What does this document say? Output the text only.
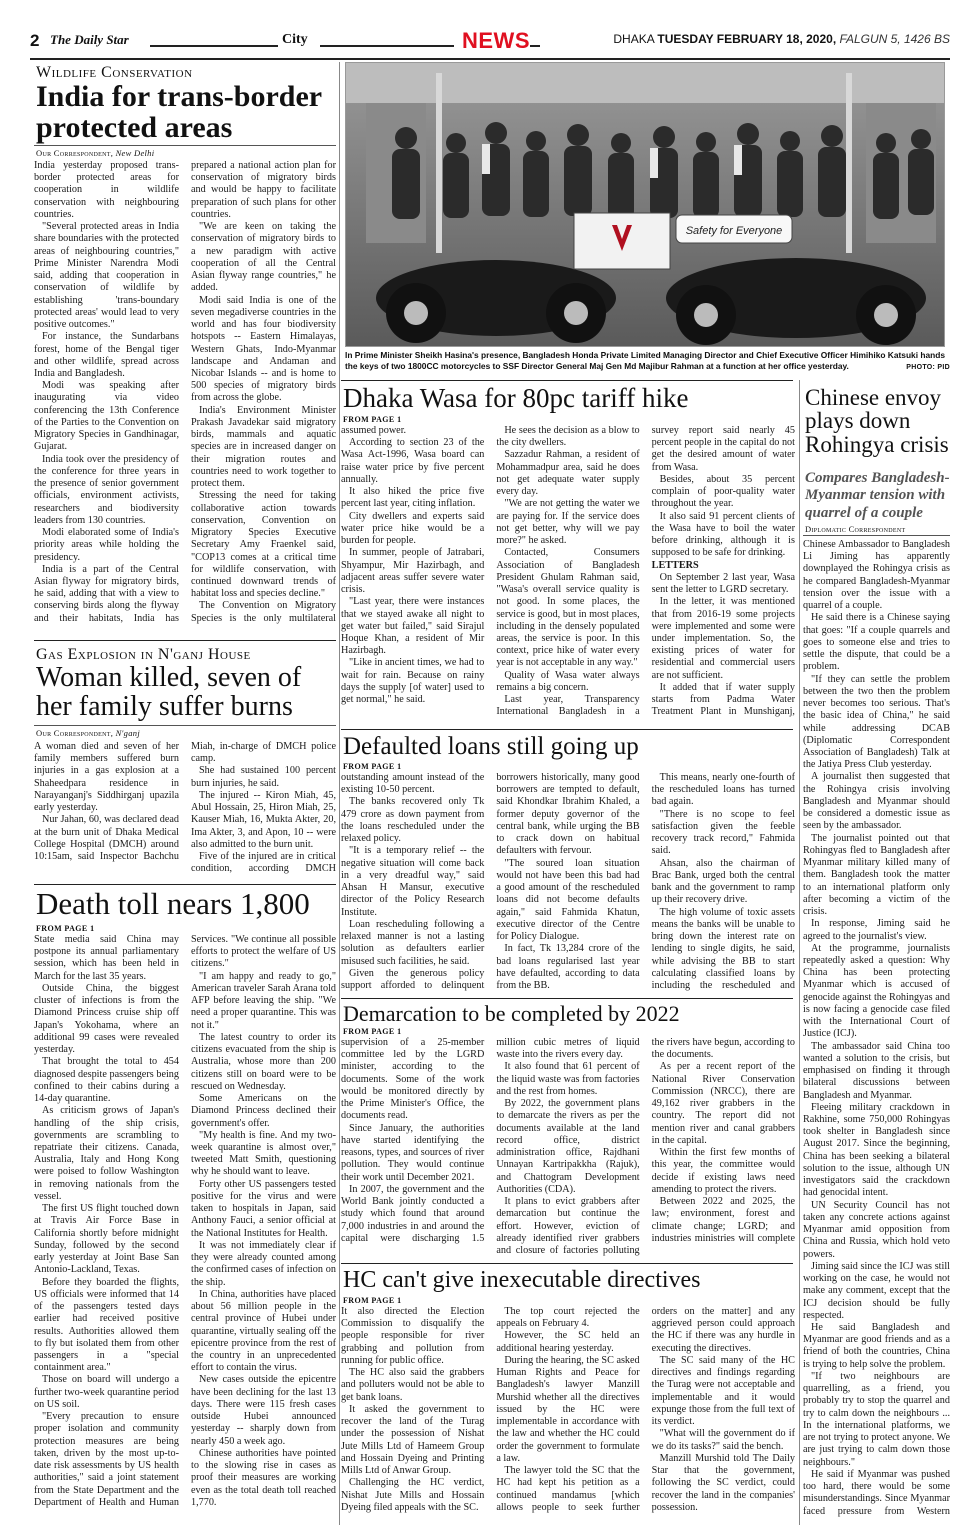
2 The Daily Star	City	NEWS	DHAKA TUESDAY FEBRUARY 18, 2020, FALGUN 5, 1426 BS
Wildlife Conservation
India for trans-border protected areas
Our Correspondent, New Delhi

India yesterday proposed trans-border protected areas for cooperation in wildlife conservation with neighbouring countries.

"Several protected areas in India share boundaries with the protected areas of neighbouring countries," Prime Minister Narendra Modi said, adding that cooperation in conservation of wildlife by establishing 'trans-boundary protected areas' would lead to very positive outcomes."

For instance, the Sundarbans forest, home of the Bengal tiger and other wildlife, spread across India and Bangladesh.

Modi was speaking after inaugurating via video conferencing the 13th Conference of the Parties to the Convention on Migratory Species in Gandhinagar, Gujarat.

India took over the presidency of the conference for three years in the presence of senior government officials, environment activists, researchers and biodiversity leaders from 130 countries.

Modi elaborated some of India's priority areas while holding the presidency.

India is a part of the Central Asian flyway for migratory birds, he said, adding that with a view to conserving birds along the flyway and their habitats, India has prepared a national action plan for conservation of migratory birds and would be happy to facilitate preparation of such plans for other countries.

"We are keen on taking the conservation of migratory birds to a new paradigm with active cooperation of all the Central Asian flyway range countries," he added.

Modi said India is one of the seven megadiverse countries in the world and has four biodiversity hotspots -- Eastern Himalayas, Western Ghats, Indo-Myanmar landscape and Andaman and Nicobar Islands -- and is home to 500 species of migratory birds from across the globe.

India's Environment Minister Prakash Javadekar said migratory birds, mammals and aquatic species are in increased danger on their migration routes and countries need to work together to protect them.

Stressing the need for taking collaborative action towards conservation, Convention on Migratory Species Executive Secretary Amy Fraenkel said, "COP13 comes at a critical time for wildlife conservation, with continued downward trends of habitat loss and species decline."

The Convention on Migratory Species is the only multilateral

Gas Explosion in N'ganj House
Woman killed, seven of her family suffer burns
Our Correspondent, N'ganj

A woman died and seven of her family members suffered burn injuries in a gas explosion at a Shaheedpara residence in Narayanganj's Siddhirganj upazila early yesterday.

Nur Jahan, 60, was declared dead at the burn unit of Dhaka Medical College Hospital (DMCH) around 10:15am, said Inspector Bachchu Miah, in-charge of DMCH police camp.

She had sustained 100 percent burn injuries, he said.

The injured -- Kiron Miah, 45, Abul Hossain, 25, Hiron Miah, 25, Kauser Miah, 16, Mukta Akter, 20, Ima Akter, 3, and Apon, 10 -- were also admitted to the burn unit.

Five of the injured are in critical condition, according DMCH

Death toll nears 1,800
FROM PAGE 1

State media said China may postpone its annual parliamentary session, which has been held in March for the last 35 years.

Outside China, the biggest cluster of infections is from the Diamond Princess cruise ship off Japan's Yokohama, where an additional 99 cases were revealed yesterday.

That brought the total to 454 diagnosed despite passengers being confined to their cabins during a 14-day quarantine.

As criticism grows of Japan's handling of the ship crisis, governments are scrambling to repatriate their citizens. Canada, Australia, Italy and Hong Kong were poised to follow Washington in removing nationals from the vessel.

The first US flight touched down at Travis Air Force Base in California shortly before midnight Sunday, followed by the second early yesterday at Joint Base San Antonio-Lackland, Texas.

Before they boarded the flights, US officials were informed that 14 of the passengers tested days earlier had received positive results. Authorities allowed them to fly but isolated them from other passengers in a "special containment area."

Those on board will undergo a further two-week quarantine period on US soil.

"Every precaution to ensure proper isolation and community protection measures are being taken, driven by the most up-to-date risk assessments by US health authorities," said a joint statement from the State Department and the Department of Health and Human Services. "We continue all possible efforts to protect the welfare of US citizens."

"I am happy and ready to go," American traveler Sarah Arana told AFP before leaving the ship. "We need a proper quarantine. This was not it."

The latest country to order its citizens evacuated from the ship is Australia, whose more than 200 citizens still on board were to be rescued on Wednesday.

Some Americans on the Diamond Princess declined their government's offer.

"My health is fine. And my two-week quarantine is almost over," tweeted Matt Smith, questioning why he should want to leave.

Forty other US passengers tested positive for the virus and were taken to hospitals in Japan, said Anthony Fauci, a senior official at the National Institutes for Health.

It was not immediately clear if they were already counted among the confirmed cases of infection on the ship.

In China, authorities have placed about 56 million people in the central province of Hubei under quarantine, virtually sealing off the epicentre province from the rest of the country in an unprecedented effort to contain the virus.

New cases outside the epicentre have been declining for the last 13 days. There were 115 fresh cases outside Hubei announced yesterday -- sharply down from nearly 450 a week ago.

Chinese authorities have pointed to the slowing rise in cases as proof their measures are working even as the total death toll reached 1,770.

Safety for Everyone
In Prime Minister Sheikh Hasina's presence, Bangladesh Honda Private Limited Managing Director and Chief Executive Officer Himihiko Katsuki hands the keys of two 1800CC motorcycles to SSF Director General Maj Gen Md Majibur Rahman at a function at her office yesterday.	PHOTO: PID
Dhaka Wasa for 80pc tariff hike
FROM PAGE 1

assumed power.

According to section 23 of the Wasa Act-1996, Wasa board can raise water price by five percent annually.

It also hiked the price five percent last year, citing inflation.

City dwellers and experts said water price hike would be a burden for people.

In summer, people of Jatrabari, Shyampur, Mir Hazirbagh, and adjacent areas suffer severe water crisis.

"Last year, there were instances that we stayed awake all night to get water but failed," said Sirajul Hoque Khan, a resident of Mir Hazirbagh.

"Like in ancient times, we had to wait for rain. Because on rainy days the supply [of water] used to get normal," he said.

He sees the decision as a blow to the city dwellers.

Sazzadur Rahman, a resident of Mohammadpur area, said he does not get adequate water supply every day.

"We are not getting the water we are paying for. If the service does not get better, why will we pay more?" he asked.

Contacted, Consumers Association of Bangladesh President Ghulam Rahman said, "Wasa's overall service quality is not good. In some places, the service is good, but in most places, including in the densely populated areas, the service is poor. In this context, price hike of water every year is not acceptable in any way."

Quality of Wasa water always remains a big concern.

Last year, Transparency International Bangladesh in a survey report said nearly 45 percent people in the capital do not get the desired amount of water from Wasa.

Besides, about 35 percent complain of poor-quality water throughout the year.

It also said 91 percent clients of the Wasa have to boil the water before drinking, although it is supposed to be safe for drinking.

LETTERS

On September 2 last year, Wasa sent the letter to LGRD secretary.

In the letter, it was mentioned that from 2016-19 some projects were implemented and some were under implementation. So, the existing prices of water for residential and commercial users are not sufficient.

It added that if water supply starts from Padma Water Treatment Plant in Munshiganj,

Defaulted loans still going up
FROM PAGE 1

outstanding amount instead of the existing 10-50 percent.

The banks recovered only Tk 479 crore as down payment from the loans rescheduled under the relaxed policy.

"It is a temporary relief -- the negative situation will come back in a very dreadful way," said Ahsan H Mansur, executive director of the Policy Research Institute.

Loan rescheduling following a relaxed manner is not a lasting solution as defaulters earlier misused such facilities, he said.

Given the generous policy support afforded to delinquent borrowers historically, many good borrowers are tempted to default, said Khondkar Ibrahim Khaled, a former deputy governor of the central bank, while urging the BB to crack down on habitual defaulters with fervour.

"The soured loan situation would not have been this bad had a good amount of the rescheduled loans did not become defaults again," said Fahmida Khatun, executive director of the Centre for Policy Dialogue.

In fact, Tk 13,284 crore of the bad loans regularised last year have defaulted, according to data from the BB.

This means, nearly one-fourth of the rescheduled loans has turned bad again.

"There is no scope to feel satisfaction given the feeble recovery track record," Fahmida said.

Ahsan, also the chairman of Brac Bank, urged both the central bank and the government to ramp up their recovery drive.

The high volume of toxic assets means the banks will be unable to bring down the interest rate on lending to single digits, he said, while advising the BB to start calculating classified loans by including the rescheduled and

Demarcation to be completed by 2022
FROM PAGE 1

supervision of a 25-member committee led by the LGRD minister, according to the documents. Some of the work would be monitored directly by the Prime Minister's Office, the documents read.

Since January, the authorities have started identifying the reasons, types, and sources of river pollution. They would continue their work until December 2021.

In 2007, the government and the World Bank jointly conducted a study which found that around 7,000 industries in and around the capital were discharging 1.5 million cubic metres of liquid waste into the rivers every day.

It also found that 61 percent of the liquid waste was from factories and the rest from homes.

By 2022, the government plans to demarcate the rivers as per the documents available at the land record office, district administration office, Rajdhani Unnayan Kartripakkha (Rajuk), and Chattogram Development Authorities (CDA).

It plans to evict grabbers after demarcation but continue the effort. However, eviction of already identified river grabbers and closure of factories polluting the rivers have begun, according to the documents.

As per a recent report of the National River Conservation Commission (NRCC), there are 49,162 river grabbers in the country. The report did not mention river and canal grabbers in the capital.

Within the first few months of this year, the committee would decide if existing laws need amending to protect the rivers.

Between 2022 and 2025, the law; environment, forest and climate change; LGRD; and industries ministries will complete

HC can't give inexecutable directives
FROM PAGE 1

It also directed the Election Commission to disqualify the people responsible for river grabbing and pollution from running for public office.

The HC also said the grabbers and polluters would not be able to get bank loans.

It asked the government to recover the land of the Turag under the possession of Nishat Jute Mills Ltd of Hameem Group and Hossain Dyeing and Printing Mills Ltd of Anwar Group.

Challenging the HC verdict, Nishat Jute Mills and Hossain Dyeing filed appeals with the SC.

The top court rejected the appeals on February 4.

However, the SC held an additional hearing yesterday.

During the hearing, the SC asked Human Rights and Peace for Bangladesh's lawyer Manzill Murshid whether all the directives issued by the HC were implementable in accordance with the law and whether the HC could order the government to formulate a law.

The lawyer told the SC that the HC had kept his petition as a continued mandamus [which allows people to seek further orders on the matter] and any aggrieved person could approach the HC if there was any hurdle in executing the directives.

The SC said many of the HC directives and findings regarding the Turag were not acceptable and implementable and it would expunge those from the full text of its verdict.

"What will the government do if we do its tasks?" said the bench.

Manzill Murshid told The Daily Star that the government, following the SC verdict, could recover the land in the companies' possession.

Chinese envoy plays down Rohingya crisis
Compares Bangladesh-Myanmar tension with quarrel of a couple
Diplomatic Correspondent

Chinese Ambassador to Bangladesh Li Jiming has apparently downplayed the Rohingya crisis as he compared Bangladesh-Myanmar tension over the issue with a quarrel of a couple.

He said there is a Chinese saying that goes: "If a couple quarrels and goes to someone else and tries to settle the dispute, that could be a problem.

"If they can settle the problem between the two then the problem never becomes too serious. That's the basic idea of China," he said while addressing DCAB (Diplomatic Correspondent Association of Bangladesh) Talk at the Jatiya Press Club yesterday.

A journalist then suggested that the Rohingya crisis involving Bangladesh and Myanmar should be considered a domestic issue as seen by the ambassador.

The journalist pointed out that Rohingyas fled to Bangladesh after Myanmar military killed many of them. Bangladesh took the matter to an international platform only after becoming a victim of the crisis.

In response, Jiming said he agreed to the journalist's view.

At the programme, journalists repeatedly asked a question: Why China has been protecting Myanmar which is accused of genocide against the Rohingyas and is now facing a genocide case filed with the International Court of Justice (ICJ).

The ambassador said China too wanted a solution to the crisis, but emphasised on finding it through bilateral discussions between Bangladesh and Myanmar.

Fleeing military crackdown in Rakhine, some 750,000 Rohingyas took shelter in Bangladesh since August 2017. Since the beginning, China has been seeking a bilateral solution to the issue, although UN investigators said the crackdown had genocidal intent.

UN Security Council has not taken any concrete actions against Myanmar amid opposition from China and Russia, which hold veto powers.

Jiming said since the ICJ was still working on the case, he would not make any comment, except that the ICJ decision should be fully respected.

He said Bangladesh and Myanmar are good friends and as a friend of both the countries, China is trying to help solve the problem.

"If two neighbours are quarrelling, as a friend, you probably try to stop the quarrel and try to calm down the neighbours ... In the international platforms, we are not trying to protect anyone. We are just trying to calm down those neighbours."

He said if Myanmar was pushed too hard, there would be some misunderstandings. Since Myanmar faced pressure from Western
